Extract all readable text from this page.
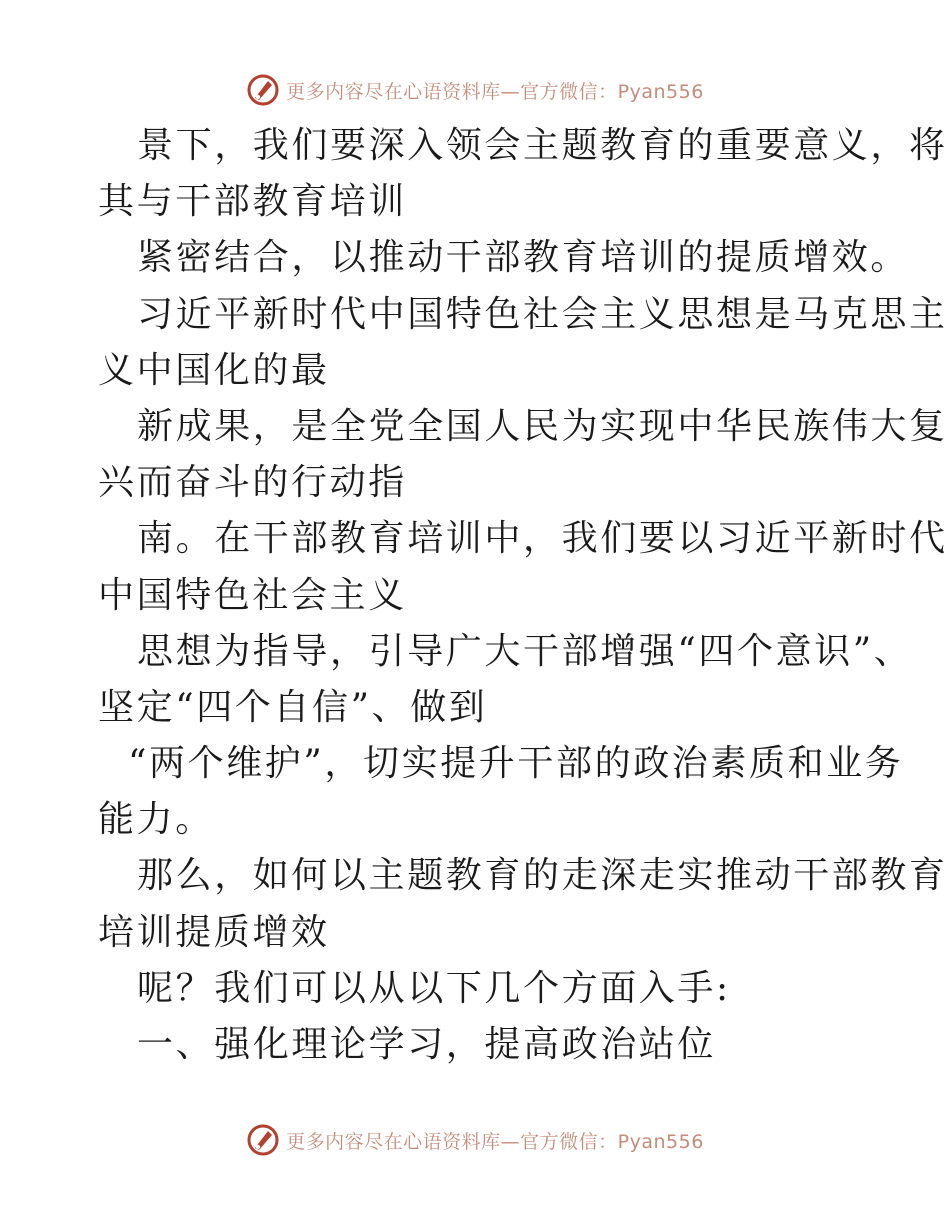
更多内容尽在心语资料库—官方微信：Pyan556
景下，我们要深入领会主题教育的重要意义，将
其与干部教育培训
紧密结合，以推动干部教育培训的提质增效。
习近平新时代中国特色社会主义思想是马克思主
义中国化的最
新成果，是全党全国人民为实现中华民族伟大复
兴而奋斗的行动指
南。在干部教育培训中，我们要以习近平新时代
中国特色社会主义
思想为指导，引导广大干部增强“四个意识”、
坚定“四个自信”、做到
“两个维护”，切实提升干部的政治素质和业务
能力。
那么，如何以主题教育的走深走实推动干部教育
培训提质增效
呢？我们可以从以下几个方面入手:
一、强化理论学习，提高政治站位
更多内容尽在心语资料库—官方微信：Pyan556
